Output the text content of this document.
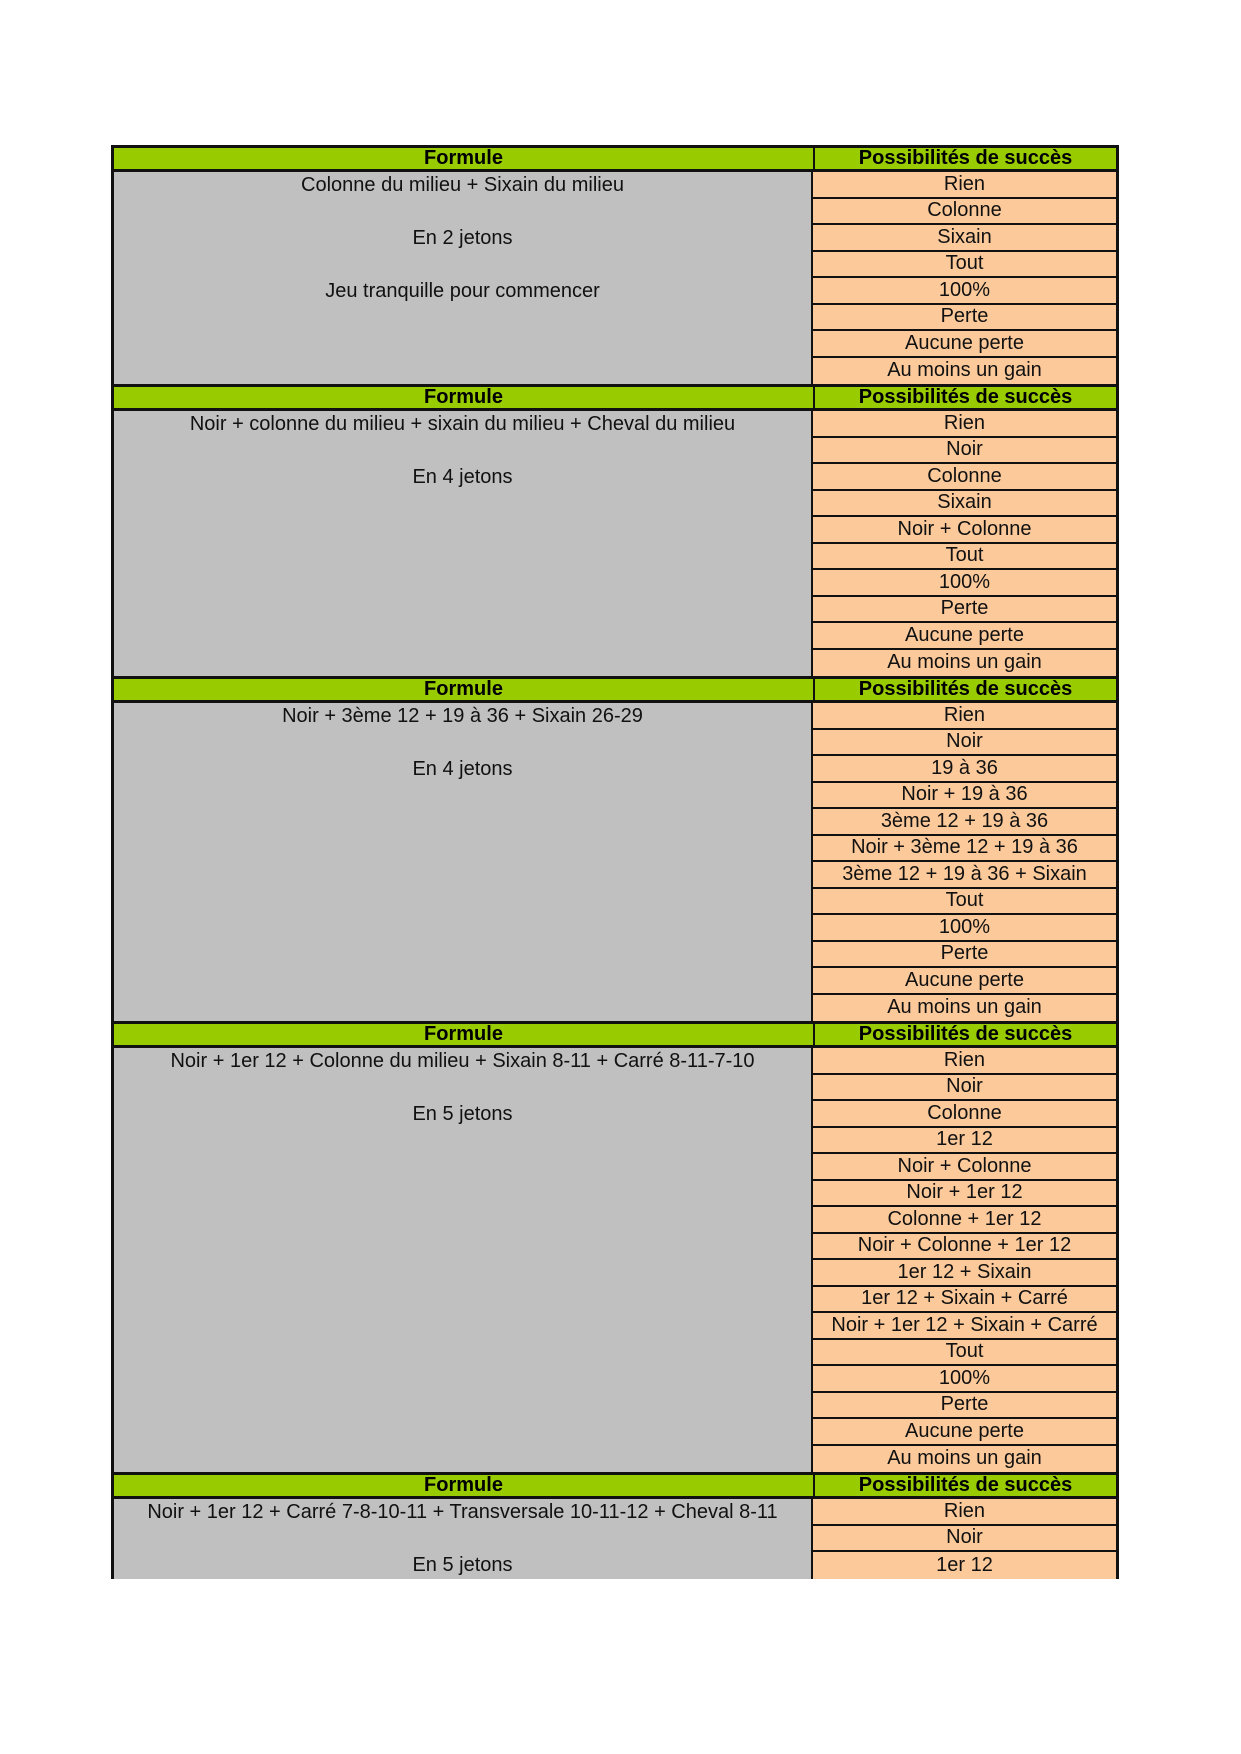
Formule	Possibilités de succès
Colonne du milieu + Sixain du milieu
En 2 jetons
Jeu tranquille pour commencer
Rien
Colonne
Sixain
Tout
100%
Perte
Aucune perte
Au moins un gain
Formule	Possibilités de succès
Noir + colonne du milieu + sixain du milieu + Cheval du milieu
En 4 jetons
Rien
Noir
Colonne
Sixain
Noir + Colonne
Tout
100%
Perte
Aucune perte
Au moins un gain
Formule	Possibilités de succès
Noir + 3ème 12 + 19 à 36 + Sixain 26-29
En 4 jetons
Rien
Noir
19 à 36
Noir + 19 à 36
3ème 12 + 19 à 36
Noir + 3ème 12 + 19 à 36
3ème 12 + 19 à 36 + Sixain
Tout
100%
Perte
Aucune perte
Au moins un gain
Formule	Possibilités de succès
Noir + 1er 12 + Colonne du milieu + Sixain 8-11 + Carré 8-11-7-10
En 5 jetons
Rien
Noir
Colonne
1er 12
Noir + Colonne
Noir + 1er 12
Colonne + 1er 12
Noir + Colonne + 1er 12
1er 12 + Sixain
1er 12 + Sixain + Carré
Noir + 1er 12 + Sixain + Carré
Tout
100%
Perte
Aucune perte
Au moins un gain
Formule	Possibilités de succès
Noir + 1er 12 + Carré 7-8-10-11 + Transversale 10-11-12 + Cheval 8-11
En 5 jetons
Rien
Noir
1er 12
